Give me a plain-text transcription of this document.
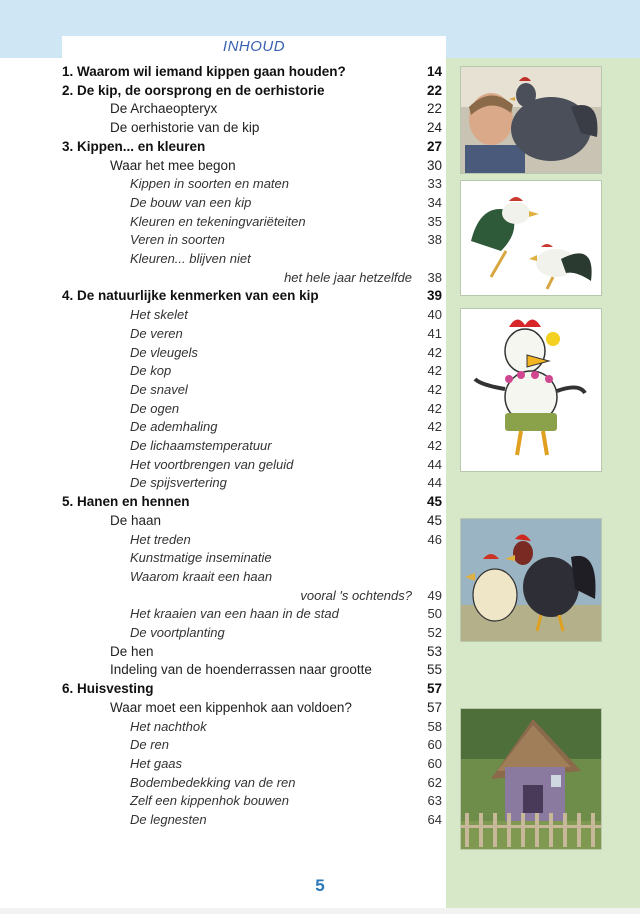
INHOUD
1. Waarom wil iemand kippen gaan houden?	14
2. De kip, de oorsprong en de oerhistorie	22
De Archaeopteryx	22
De oerhistorie van de kip	24
3. Kippen... en kleuren	27
Waar het mee begon	30
Kippen in soorten en maten	33
De bouw van een kip	34
Kleuren en tekeningvariëteiten	35
Veren in soorten	38
Kleuren... blijven niet
het hele jaar hetzelfde 38
4. De natuurlijke kenmerken van een kip	39
Het skelet	40
De veren	41
De vleugels	42
De kop	42
De snavel	42
De ogen	42
De ademhaling	42
De lichaamstemperatuur	42
Het voortbrengen van geluid	44
De spijsvertering	44
5. Hanen en hennen	45
De haan	45
Het treden	46
Kunstmatige inseminatie
Waarom kraait een haan
vooral 's ochtends? 49
Het kraaien van een haan in de stad	50
De voortplanting	52
De hen	53
Indeling van de hoenderrassen naar grootte	55
6. Huisvesting	57
Waar moet een kippenhok aan voldoen?	57
Het nachthok	58
De ren	60
Het gaas	60
Bodembedekking van de ren	62
Zelf een kippenhok bouwen	63
De legnesten	64
5
